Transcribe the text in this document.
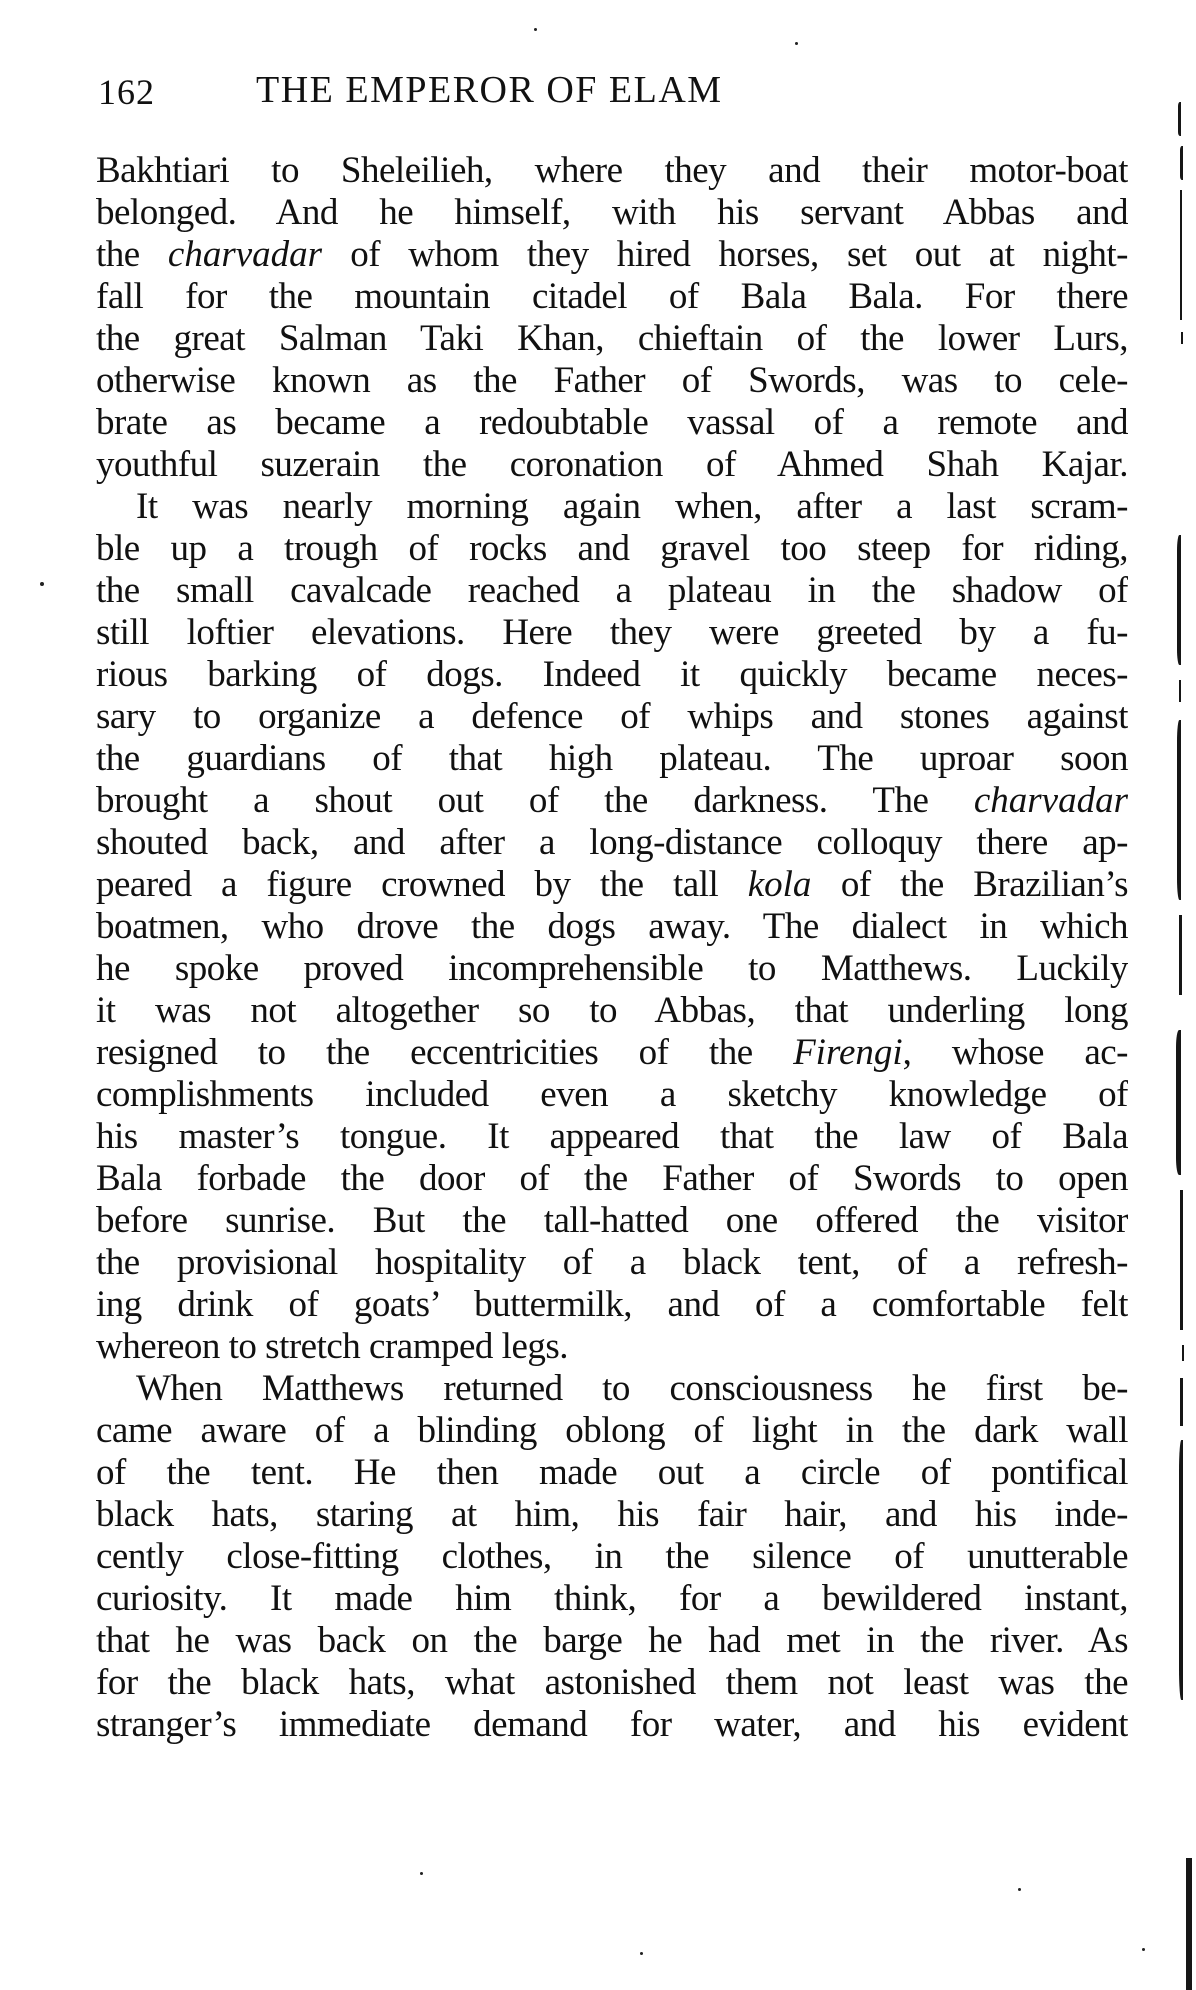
162	THE EMPEROR OF ELAM
Bakhtiari to Sheleilieh, where they and their motor-boat
belonged. And he himself, with his servant Abbas and
the charvadar of whom they hired horses, set out at night-
fall for the mountain citadel of Bala Bala. For there
the great Salman Taki Khan, chieftain of the lower Lurs,
otherwise known as the Father of Swords, was to cele-
brate as became a redoubtable vassal of a remote and
youthful suzerain the coronation of Ahmed Shah Kajar.
It was nearly morning again when, after a last scram-
ble up a trough of rocks and gravel too steep for riding,
the small cavalcade reached a plateau in the shadow of
still loftier elevations. Here they were greeted by a fu-
rious barking of dogs. Indeed it quickly became neces-
sary to organize a defence of whips and stones against
the guardians of that high plateau. The uproar soon
brought a shout out of the darkness. The charvadar
shouted back, and after a long-distance colloquy there ap-
peared a figure crowned by the tall kola of the Brazilian’s
boatmen, who drove the dogs away. The dialect in which
he spoke proved incomprehensible to Matthews. Luckily
it was not altogether so to Abbas, that underling long
resigned to the eccentricities of the Firengi, whose ac-
complishments included even a sketchy knowledge of
his master’s tongue. It appeared that the law of Bala
Bala forbade the door of the Father of Swords to open
before sunrise. But the tall-hatted one offered the visitor
the provisional hospitality of a black tent, of a refresh-
ing drink of goats’ buttermilk, and of a comfortable felt
whereon to stretch cramped legs.
When Matthews returned to consciousness he first be-
came aware of a blinding oblong of light in the dark wall
of the tent. He then made out a circle of pontifical
black hats, staring at him, his fair hair, and his inde-
cently close-fitting clothes, in the silence of unutterable
curiosity. It made him think, for a bewildered instant,
that he was back on the barge he had met in the river. As
for the black hats, what astonished them not least was the
stranger’s immediate demand for water, and his evident
